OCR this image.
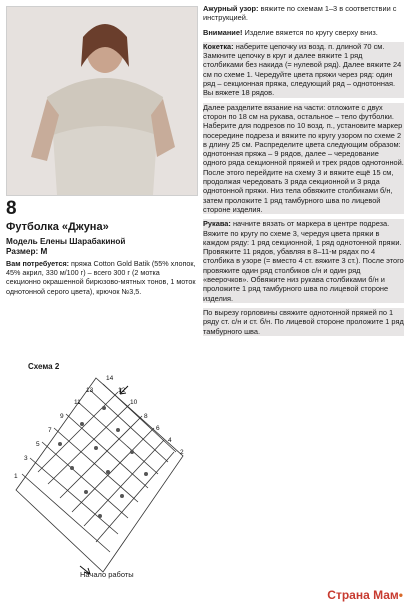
8
Футболка «Джуна»
Модель Елены Шарабакиной
Размер: М
Вам потребуется: пряжа Cotton Gold Batik (55% хлопок, 45% акрил, 330 м/100 г) – всего 300 г (2 мотка секционно окрашенной бирюзово-мятных тонов, 1 моток однотонной серого цвета), крючок №3,5.
Схема 2
14
12
10
8
6
4
2
13
11
9
7
5
3
1
Начало работы

Ажурный узор: вяжите по схемам 1–3 в соответствии с инструкцией.

Внимание! Изделие вяжется по кругу сверху вниз.

Кокетка: наберите цепочку из возд. п. длиной 70 см. Замкните цепочку в круг и далее вяжите 1 ряд столбиками без накида (= нулевой ряд). Далее вяжите 24 см по схеме 1. Чередуйте цвета пряжи через ряд: один ряд – секционная пряжа, следующий ряд – однотонная. Вы вяжете 18 рядов.

Далее разделите вязание на части: отложите с двух сторон по 18 см на рукава, остальное – тело футболки. Наберите для подрезов по 10 возд. п., установите маркер посередине подреза и вяжите по кругу узором по схеме 2 в длину 25 см. Распределите цвета следующим образом: однотонная пряжа – 9 рядов, далее – чередование одного ряда секционной пряжей и трех рядов однотонной. После этого перейдите на схему 3 и вяжите ещё 15 см, продолжая чередовать 3 ряда секционной и 3 ряда однотонной пряжи. Низ тела обвяжите столбиками б/н, затем проложите 1 ряд тамбурного шва по лицевой стороне изделия.

Рукава: начните вязать от маркера в центре подреза. Вяжите по кругу по схеме 3, чередуя цвета пряжи в каждом ряду: 1 ряд секционной, 1 ряд однотонной пряжи. Провяжите 11 рядов, убавляя в 8–11-м рядах по 4 столбика в узоре (= вместо 4 ст. вяжите 3 ст.). После этого провяжите один ряд столбиков с/н и один ряд «веерочков». Обвяжите низ рукава столбиками б/н и проложите 1 ряд тамбурного шва по лицевой стороне изделия.

По вырезу горловины свяжите однотонной пряжей по 1 ряду ст. с/н и ст. б/н. По лицевой стороне проложите 1 ряд тамбурного шва.

Страна Мам•
